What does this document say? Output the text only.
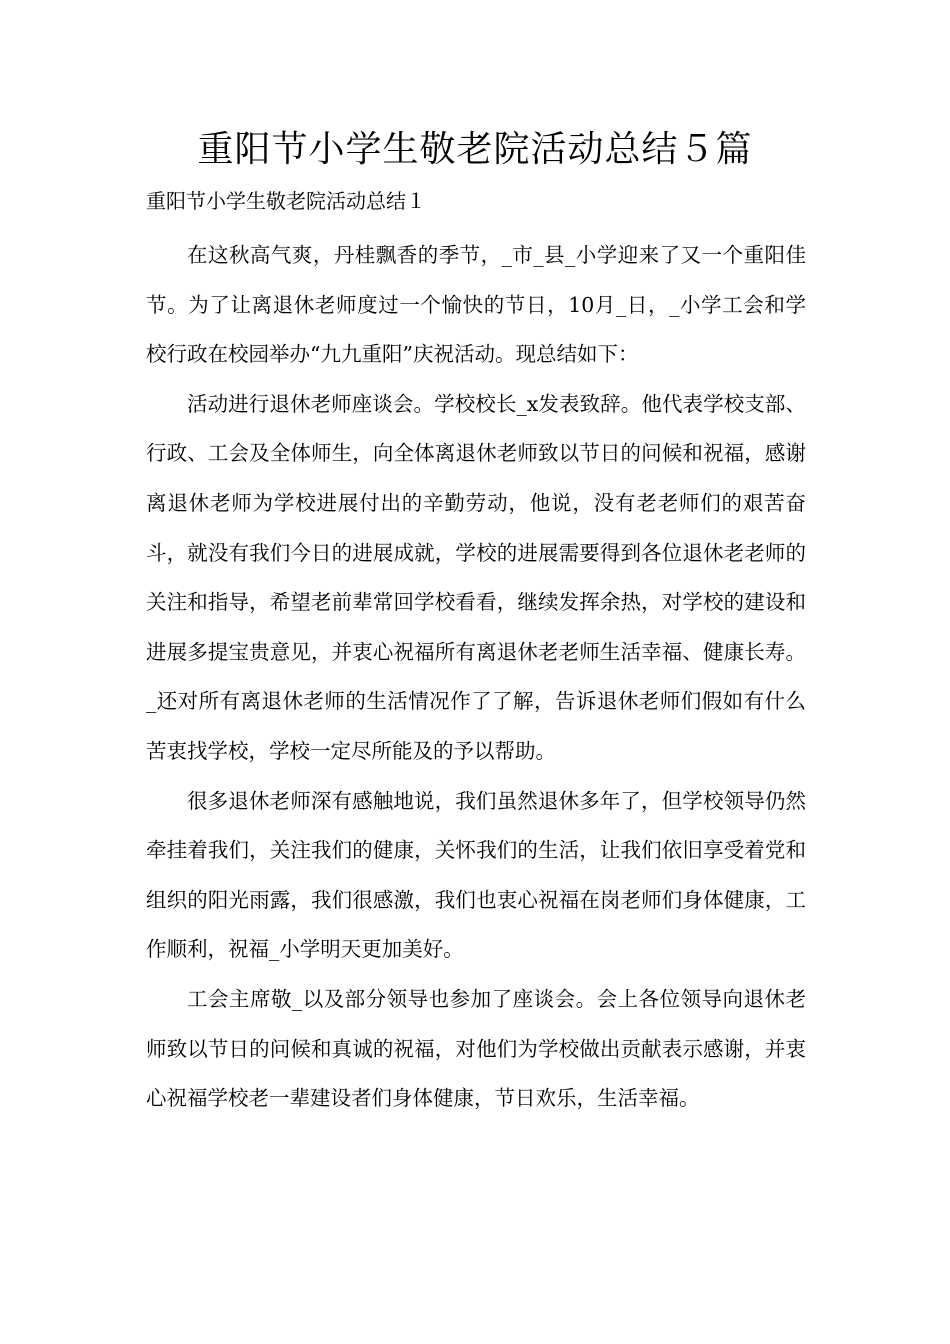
重阳节小学生敬老院活动总结５篇
重阳节小学生敬老院活动总结１

在这秋高气爽，丹桂飘香的季节，_市_县_小学迎来了又一个重阳佳节。为了让离退休老师度过一个愉快的节日，10月_日，_小学工会和学校行政在校园举办“九九重阳”庆祝活动。现总结如下：

活动进行退休老师座谈会。学校校长_x发表致辞。他代表学校支部、行政、工会及全体师生，向全体离退休老师致以节日的问候和祝福，感谢离退休老师为学校进展付出的辛勤劳动，他说，没有老老师们的艰苦奋斗，就没有我们今日的进展成就，学校的进展需要得到各位退休老老师的关注和指导，希望老前辈常回学校看看，继续发挥余热，对学校的建设和进展多提宝贵意见，并衷心祝福所有离退休老老师生活幸福、健康长寿。_还对所有离退休老师的生活情况作了了解，告诉退休老师们假如有什么苦衷找学校，学校一定尽所能及的予以帮助。

很多退休老师深有感触地说，我们虽然退休多年了，但学校领导仍然牵挂着我们，关注我们的健康，关怀我们的生活，让我们依旧享受着党和组织的阳光雨露，我们很感激，我们也衷心祝福在岗老师们身体健康，工作顺利，祝福_小学明天更加美好。

工会主席敬_以及部分领导也参加了座谈会。会上各位领导向退休老师致以节日的问候和真诚的祝福，对他们为学校做出贡献表示感谢，并衷心祝福学校老一辈建设者们身体健康，节日欢乐，生活幸福。
